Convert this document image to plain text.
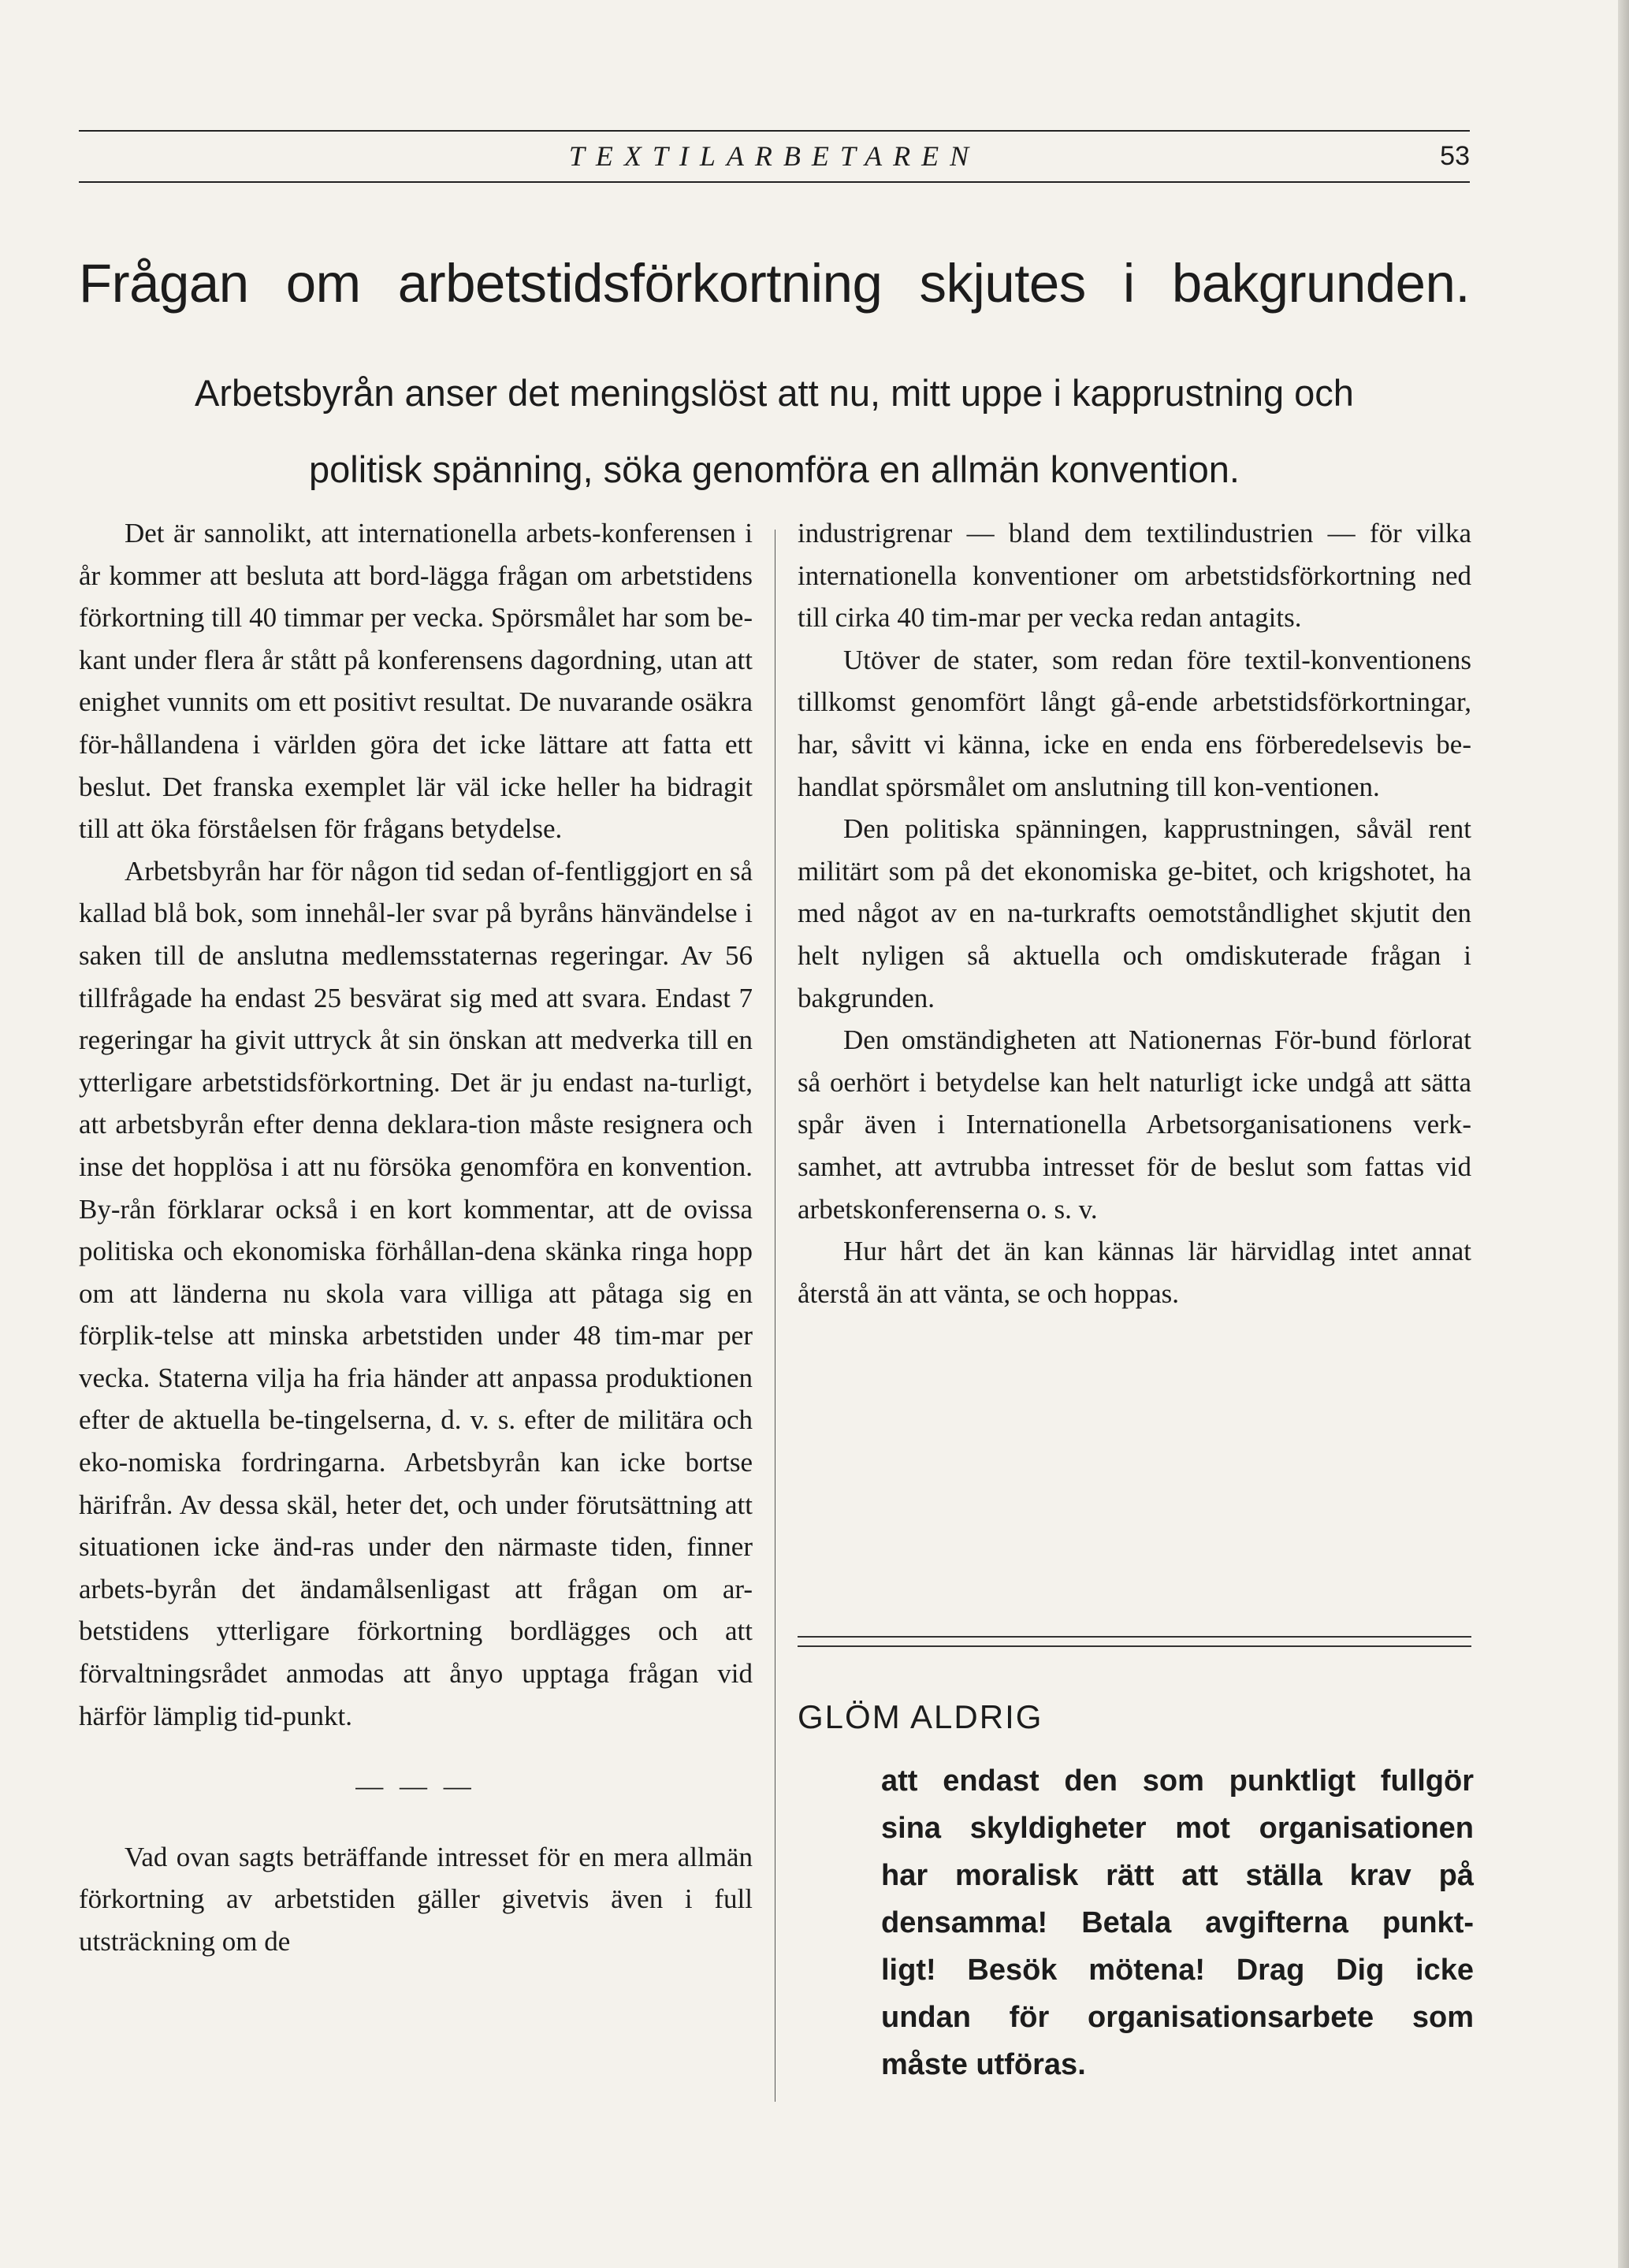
TEXTILARBETAREN	53
Frågan om arbetstidsförkortning skjutes i bakgrunden.
Arbetsbyrån anser det meningslöst att nu, mitt uppe i kapprustning och
politisk spänning, söka genomföra en allmän konvention.

Det är sannolikt, att internationella arbets-konferensen i år kommer att besluta att bord-lägga frågan om arbetstidens förkortning till 40 timmar per vecka. Spörsmålet har som be-kant under flera år stått på konferensens dagordning, utan att enighet vunnits om ett positivt resultat. De nuvarande osäkra för-hållandena i världen göra det icke lättare att fatta ett beslut. Det franska exemplet lär väl icke heller ha bidragit till att öka förståelsen för frågans betydelse.

Arbetsbyrån har för någon tid sedan of-fentliggjort en så kallad blå bok, som innehål-ler svar på byråns hänvändelse i saken till de anslutna medlemsstaternas regeringar. Av 56 tillfrågade ha endast 25 besvärat sig med att svara. Endast 7 regeringar ha givit uttryck åt sin önskan att medverka till en ytterligare arbetstidsförkortning. Det är ju endast na-turligt, att arbetsbyrån efter denna deklara-tion måste resignera och inse det hopplösa i att nu försöka genomföra en konvention. By-rån förklarar också i en kort kommentar, att de ovissa politiska och ekonomiska förhållan-dena skänka ringa hopp om att länderna nu skola vara villiga att påtaga sig en förplik-telse att minska arbetstiden under 48 tim-mar per vecka. Staterna vilja ha fria händer att anpassa produktionen efter de aktuella be-tingelserna, d. v. s. efter de militära och eko-nomiska fordringarna. Arbetsbyrån kan icke bortse härifrån. Av dessa skäl, heter det, och under förutsättning att situationen icke änd-ras under den närmaste tiden, finner arbets-byrån det ändamålsenligast att frågan om ar-betstidens ytterligare förkortning bordlägges och att förvaltningsrådet anmodas att ånyo upptaga frågan vid härför lämplig tid-punkt.

— — —

Vad ovan sagts beträffande intresset för en mera allmän förkortning av arbetstiden gäller givetvis även i full utsträckning om de

industrigrenar — bland dem textilindustrien — för vilka internationella konventioner om arbetstidsförkortning ned till cirka 40 tim-mar per vecka redan antagits.

Utöver de stater, som redan före textil-konventionens tillkomst genomfört långt gå-ende arbetstidsförkortningar, har, såvitt vi känna, icke en enda ens förberedelsevis be-handlat spörsmålet om anslutning till kon-ventionen.

Den politiska spänningen, kapprustningen, såväl rent militärt som på det ekonomiska ge-bitet, och krigshotet, ha med något av en na-turkrafts oemotståndlighet skjutit den helt nyligen så aktuella och omdiskuterade frågan i bakgrunden.

Den omständigheten att Nationernas För-bund förlorat så oerhört i betydelse kan helt naturligt icke undgå att sätta spår även i Internationella Arbetsorganisationens verk-samhet, att avtrubba intresset för de beslut som fattas vid arbetskonferenserna o. s. v.

Hur hårt det än kan kännas lär härvidlag intet annat återstå än att vänta, se och hoppas.

GLÖM ALDRIG
att endast den som punktligt fullgör
sina skyldigheter mot organisationen
har moralisk rätt att ställa krav på
densamma! Betala avgifterna punkt-
ligt! Besök mötena! Drag Dig icke
undan för organisationsarbete som
måste utföras.
